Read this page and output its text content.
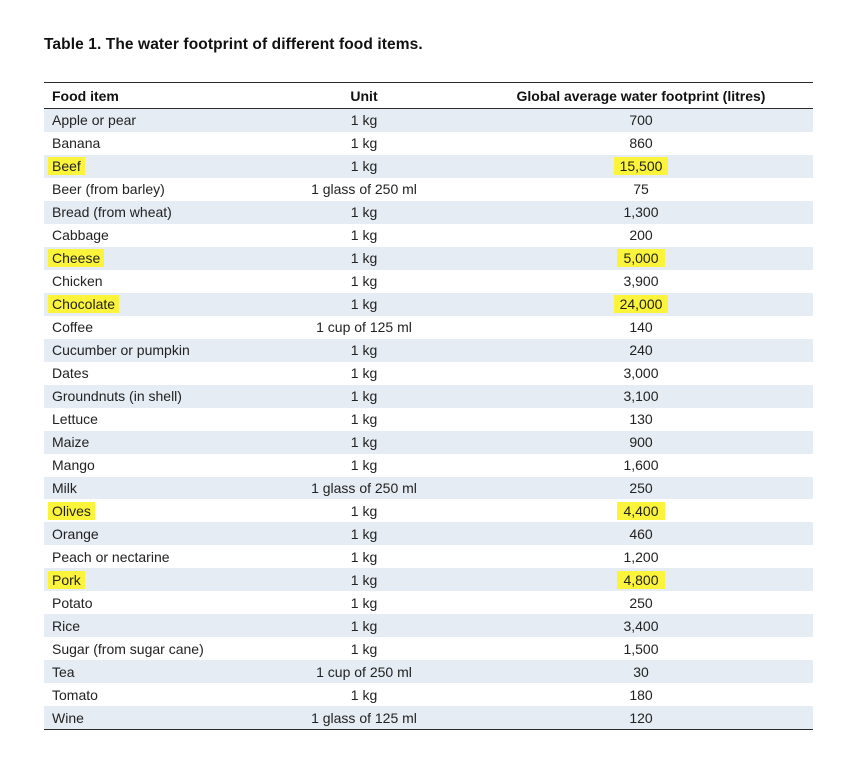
Table 1. The water footprint of different food items.
Food item	Unit	Global average water footprint (litres)
Apple or pear	1 kg	700
Banana	1 kg	860
Beef	1 kg	15,500
Beer (from barley)	1 glass of 250 ml	75
Bread (from wheat)	1 kg	1,300
Cabbage	1 kg	200
Cheese	1 kg	5,000
Chicken	1 kg	3,900
Chocolate	1 kg	24,000
Coffee	1 cup of 125 ml	140
Cucumber or pumpkin	1 kg	240
Dates	1 kg	3,000
Groundnuts (in shell)	1 kg	3,100
Lettuce	1 kg	130
Maize	1 kg	900
Mango	1 kg	1,600
Milk	1 glass of 250 ml	250
Olives	1 kg	4,400
Orange	1 kg	460
Peach or nectarine	1 kg	1,200
Pork	1 kg	4,800
Potato	1 kg	250
Rice	1 kg	3,400
Sugar (from sugar cane)	1 kg	1,500
Tea	1 cup of 250 ml	30
Tomato	1 kg	180
Wine	1 glass of 125 ml	120
